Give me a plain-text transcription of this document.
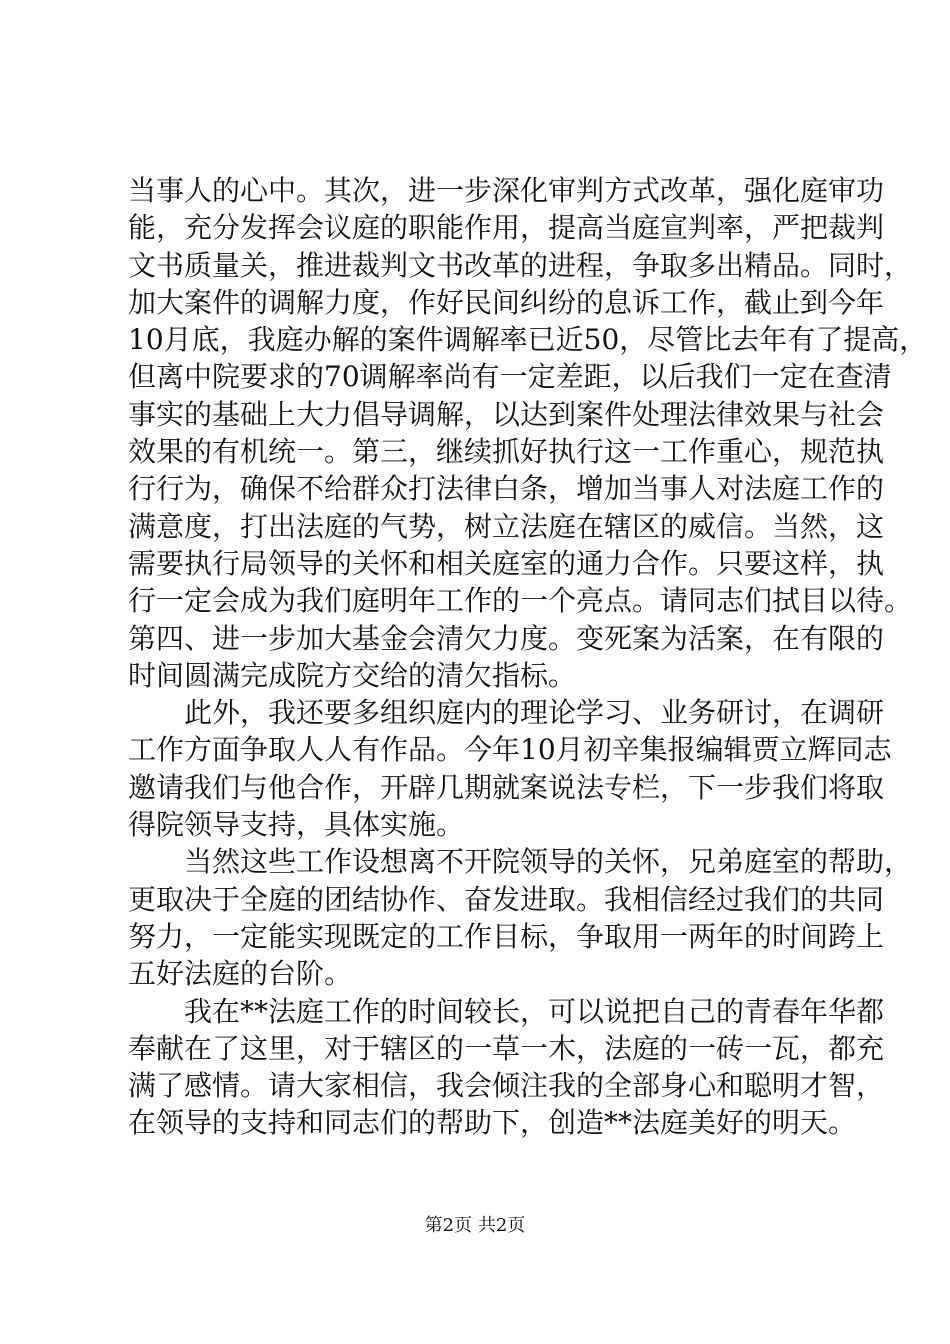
当事人的心中。其次，进一步深化审判方式改革，强化庭审功
能，充分发挥会议庭的职能作用，提高当庭宣判率，严把裁判
文书质量关，推进裁判文书改革的进程，争取多出精品。同时，
加大案件的调解力度，作好民间纠纷的息诉工作，截止到今年
10月底，我庭办解的案件调解率已近50，尽管比去年有了提高，
但离中院要求的70调解率尚有一定差距，以后我们一定在查清
事实的基础上大力倡导调解，以达到案件处理法律效果与社会
效果的有机统一。第三，继续抓好执行这一工作重心，规范执
行行为，确保不给群众打法律白条，增加当事人对法庭工作的
满意度，打出法庭的气势，树立法庭在辖区的威信。当然，这
需要执行局领导的关怀和相关庭室的通力合作。只要这样，执
行一定会成为我们庭明年工作的一个亮点。请同志们拭目以待。
第四、进一步加大基金会清欠力度。变死案为活案，在有限的
时间圆满完成院方交给的清欠指标。

此外，我还要多组织庭内的理论学习、业务研讨，在调研
工作方面争取人人有作品。今年10月初辛集报编辑贾立辉同志
邀请我们与他合作，开辟几期就案说法专栏，下一步我们将取
得院领导支持，具体实施。

当然这些工作设想离不开院领导的关怀，兄弟庭室的帮助，
更取决于全庭的团结协作、奋发进取。我相信经过我们的共同
努力，一定能实现既定的工作目标，争取用一两年的时间跨上
五好法庭的台阶。

我在**法庭工作的时间较长，可以说把自己的青春年华都
奉献在了这里，对于辖区的一草一木，法庭的一砖一瓦，都充
满了感情。请大家相信，我会倾注我的全部身心和聪明才智，
在领导的支持和同志们的帮助下，创造**法庭美好的明天。

第2页 共2页
